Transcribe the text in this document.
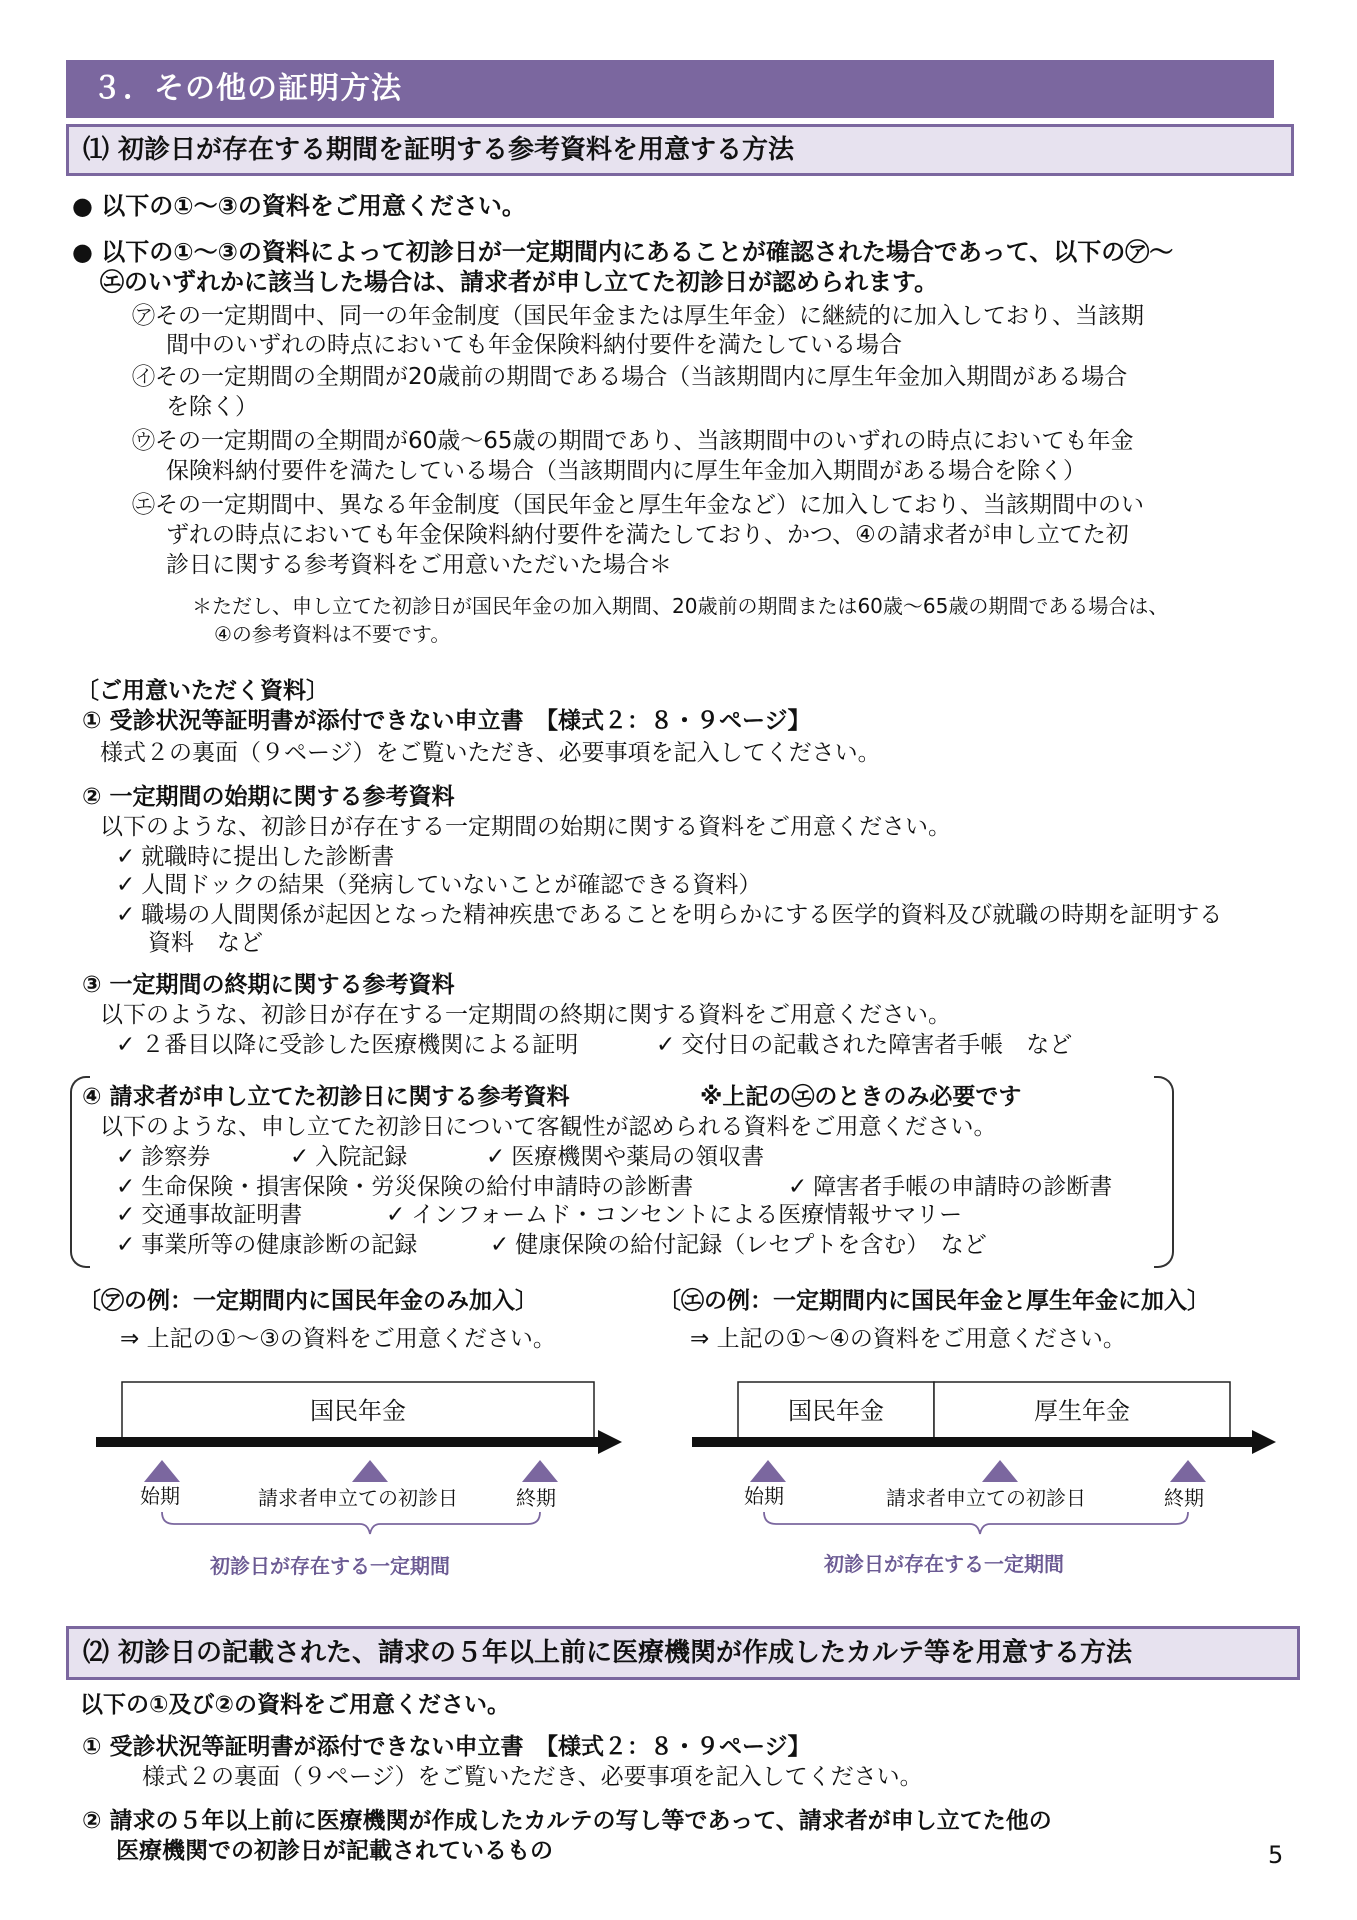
３．その他の証明方法
⑴ 初診日が存在する期間を証明する参考資料を用意する方法
● 以下の①～③の資料をご用意ください。
● 以下の①～③の資料によって初診日が一定期間内にあることが確認された場合であって、以下の㋐～
㋓のいずれかに該当した場合は、請求者が申し立てた初診日が認められます。
㋐その一定期間中、同一の年金制度（国民年金または厚生年金）に継続的に加入しており、当該期
間中のいずれの時点においても年金保険料納付要件を満たしている場合
㋑その一定期間の全期間が20歳前の期間である場合（当該期間内に厚生年金加入期間がある場合
を除く）
㋒その一定期間の全期間が60歳～65歳の期間であり、当該期間中のいずれの時点においても年金
保険料納付要件を満たしている場合（当該期間内に厚生年金加入期間がある場合を除く）
㋓その一定期間中、異なる年金制度（国民年金と厚生年金など）に加入しており、当該期間中のい
ずれの時点においても年金保険料納付要件を満たしており、かつ、④の請求者が申し立てた初
診日に関する参考資料をご用意いただいた場合＊
＊ただし、申し立てた初診日が国民年金の加入期間、20歳前の期間または60歳～65歳の期間である場合は、
④の参考資料は不要です。
〔ご用意いただく資料〕
① 受診状況等証明書が添付できない申立書　【様式２：８・９ページ】
様式２の裏面（９ページ）をご覧いただき、必要事項を記入してください。
② 一定期間の始期に関する参考資料
以下のような、初診日が存在する一定期間の始期に関する資料をご用意ください。
✓ 就職時に提出した診断書
✓ 人間ドックの結果（発病していないことが確認できる資料）
✓ 職場の人間関係が起因となった精神疾患であることを明らかにする医学的資料及び就職の時期を証明する
資料　など
③ 一定期間の終期に関する参考資料
以下のような、初診日が存在する一定期間の終期に関する資料をご用意ください。
✓ ２番目以降に受診した医療機関による証明	✓ 交付日の記載された障害者手帳　など
④ 請求者が申し立てた初診日に関する参考資料	※上記の㋓のときのみ必要です
以下のような、申し立てた初診日について客観性が認められる資料をご用意ください。
✓ 診察券	✓ 入院記録	✓ 医療機関や薬局の領収書
✓ 生命保険・損害保険・労災保険の給付申請時の診断書	✓ 障害者手帳の申請時の診断書
✓ 交通事故証明書	✓ インフォームド・コンセントによる医療情報サマリー
✓ 事業所等の健康診断の記録	✓ 健康保険の給付記録（レセプトを含む）　など
〔㋐の例：一定期間内に国民年金のみ加入〕
⇒ 上記の①～③の資料をご用意ください。
〔㋓の例：一定期間内に国民年金と厚生年金に加入〕
⇒ 上記の①～④の資料をご用意ください。
国民年金
始期	請求者申立ての初診日	終期
初診日が存在する一定期間
国民年金	厚生年金
始期	請求者申立ての初診日	終期
初診日が存在する一定期間
⑵ 初診日の記載された、請求の５年以上前に医療機関が作成したカルテ等を用意する方法
以下の①及び②の資料をご用意ください。
① 受診状況等証明書が添付できない申立書　【様式２：８・９ページ】
様式２の裏面（９ページ）をご覧いただき、必要事項を記入してください。
② 請求の５年以上前に医療機関が作成したカルテの写し等であって、請求者が申し立てた他の
医療機関での初診日が記載されているもの	5
